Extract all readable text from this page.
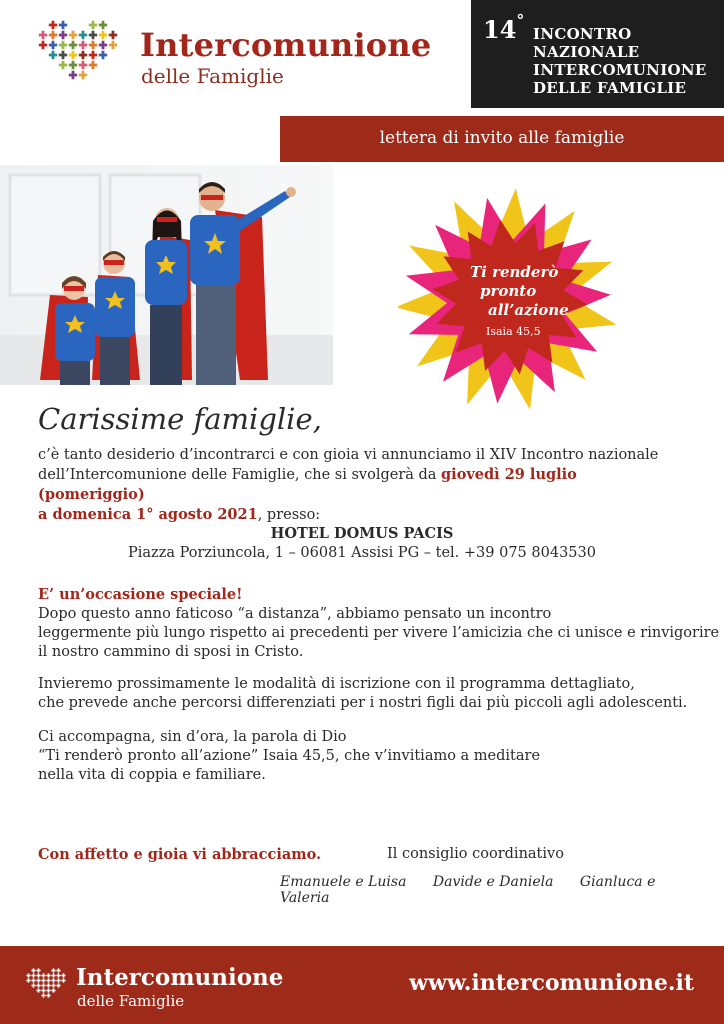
Intercomunione
delle Famiglie
14°
INCONTRO
NAZIONALE
INTERCOMUNIONE
DELLE FAMIGLIE
lettera di invito alle famiglie
Ti renderò
pronto
all’azione
Isaia 45,5
Carissime famiglie,
c’è tanto desiderio d’incontrarci e con gioia vi annunciamo il XIV Incontro nazionale
dell’Intercomunione delle Famiglie, che si svolgerà da giovedì 29 luglio (pomeriggio)
a domenica 1° agosto 2021, presso:
HOTEL DOMUS PACIS
Piazza Porziuncola, 1 – 06081 Assisi PG – tel. +39 075 8043530
E’ un’occasione speciale!
Dopo questo anno faticoso “a distanza”, abbiamo pensato un incontro
leggermente più lungo rispetto ai precedenti per vivere l’amicizia che ci unisce e rinvigorire
il nostro cammino di sposi in Cristo.
Invieremo prossimamente le modalità di iscrizione con il programma dettagliato,
che prevede anche percorsi differenziati per i nostri figli dai più piccoli agli adolescenti.
Ci accompagna, sin d’ora, la parola di Dio
“Ti renderò pronto all’azione” Isaia 45,5, che v’invitiamo a meditare
nella vita di coppia e familiare.
Con affetto e gioia vi abbracciamo.	Il consiglio coordinativo
Emanuele e Luisa Davide e Daniela Gianluca e Valeria
Intercomunione
delle Famiglie
www.intercomunione.it
